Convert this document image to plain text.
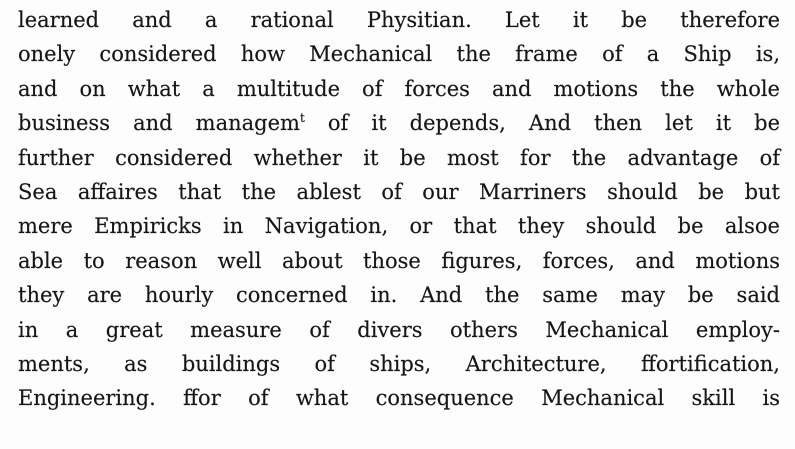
learned and a rational Physitian. Let it be therefore
onely considered how Mechanical the frame of a Ship is,
and on what a multitude of forces and motions the whole
business and managem$^t$ of it depends, And then let it be
further considered whether it be most for the advantage of
Sea affaires that the ablest of our Marriners should be but
mere Empiricks in Navigation, or that they should be alsoe
able to reason well about those figures, forces, and motions
they are hourly concerned in. And the same may be said
in a great measure of divers others Mechanical employ-
ments, as buildings of ships, Architecture, ffortification,
Engineering. ffor of what consequence Mechanical skill is
